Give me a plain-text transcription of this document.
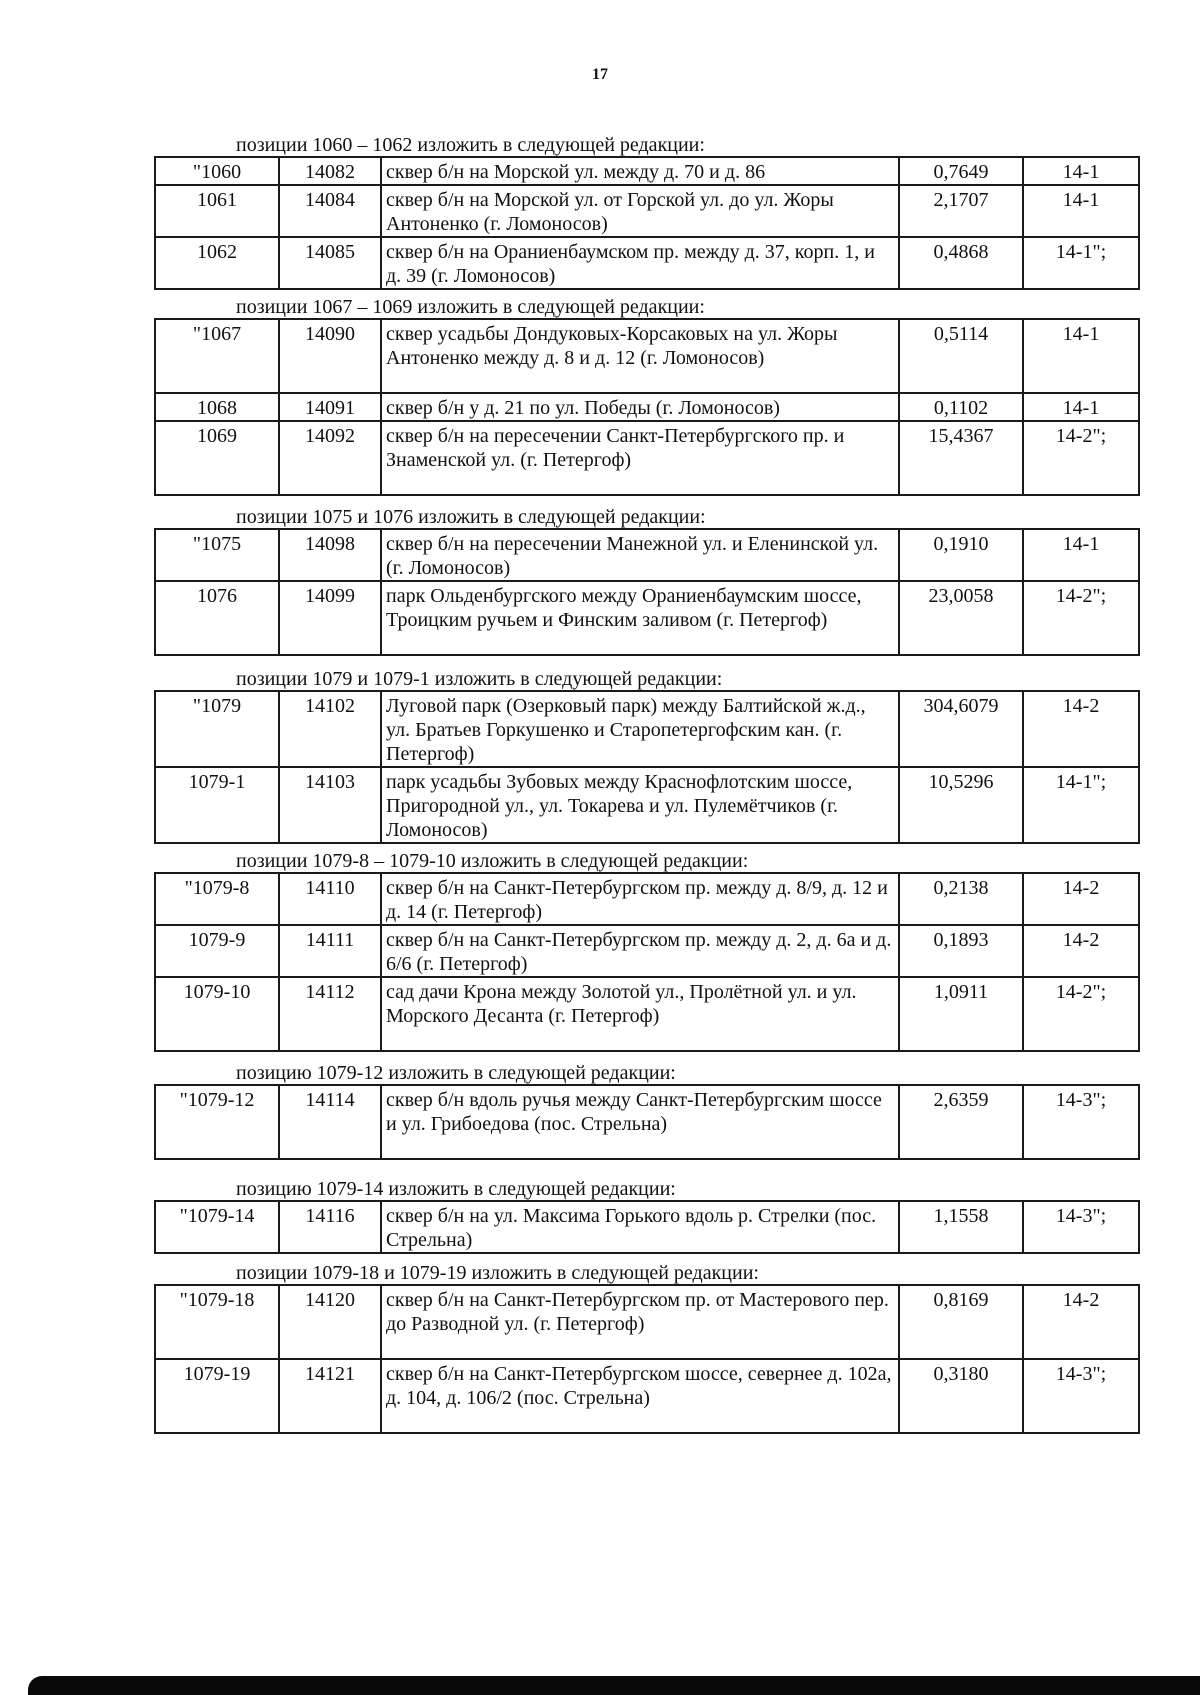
17
позиции 1060 – 1062 изложить в следующей редакции:
"1060	14082	сквер б/н на Морской ул. между д. 70 и д. 86	0,7649	14-1
1061	14084	сквер б/н на Морской ул. от Горской ул. до ул. Жоры Антоненко (г. Ломоносов)	2,1707	14-1
1062	14085	сквер б/н на Ораниенбаумском пр. между д. 37, корп. 1, и д. 39 (г. Ломоносов)	0,4868	14-1";
позиции 1067 – 1069 изложить в следующей редакции:
"1067	14090	сквер усадьбы Дондуковых-Корсаковых на ул. Жоры Антоненко между д. 8 и д. 12 (г. Ломоносов)	0,5114	14-1
1068	14091	сквер б/н у д. 21 по ул. Победы (г. Ломоносов)	0,1102	14-1
1069	14092	сквер б/н на пересечении Санкт-Петербургского пр. и Знаменской ул. (г. Петергоф)	15,4367	14-2";
позиции 1075 и 1076 изложить в следующей редакции:
"1075	14098	сквер б/н на пересечении Манежной ул. и Еленинской ул. (г. Ломоносов)	0,1910	14-1
1076	14099	парк Ольденбургского между Ораниенбаумским шоссе, Троицким ручьем и Финским заливом (г. Петергоф)	23,0058	14-2";
позиции 1079 и 1079-1 изложить в следующей редакции:
"1079	14102	Луговой парк (Озерковый парк) между Балтийской ж.д., ул. Братьев Горкушенко и Старопетергофским кан. (г. Петергоф)	304,6079	14-2
1079-1	14103	парк усадьбы Зубовых между Краснофлотским шоссе, Пригородной ул., ул. Токарева и ул. Пулемётчиков (г. Ломоносов)	10,5296	14-1";
позиции 1079-8 – 1079-10 изложить в следующей редакции:
"1079-8	14110	сквер б/н на Санкт-Петербургском пр. между д. 8/9, д. 12 и д. 14 (г. Петергоф)	0,2138	14-2
1079-9	14111	сквер б/н на Санкт-Петербургском пр. между д. 2, д. 6а и д. 6/6 (г. Петергоф)	0,1893	14-2
1079-10	14112	сад дачи Крона между Золотой ул., Пролётной ул. и ул. Морского Десанта (г. Петергоф)	1,0911	14-2";
позицию 1079-12 изложить в следующей редакции:
"1079-12	14114	сквер б/н вдоль ручья между Санкт-Петербургским шоссе и ул. Грибоедова (пос. Стрельна)	2,6359	14-3";
позицию 1079-14 изложить в следующей редакции:
"1079-14	14116	сквер б/н на ул. Максима Горького вдоль р. Стрелки (пос. Стрельна)	1,1558	14-3";
позиции 1079-18 и 1079-19 изложить в следующей редакции:
"1079-18	14120	сквер б/н на Санкт-Петербургском пр. от Мастерового пер. до Разводной ул. (г. Петергоф)	0,8169	14-2
1079-19	14121	сквер б/н на Санкт-Петербургском шоссе, севернее д. 102а, д. 104, д. 106/2 (пос. Стрельна)	0,3180	14-3";
